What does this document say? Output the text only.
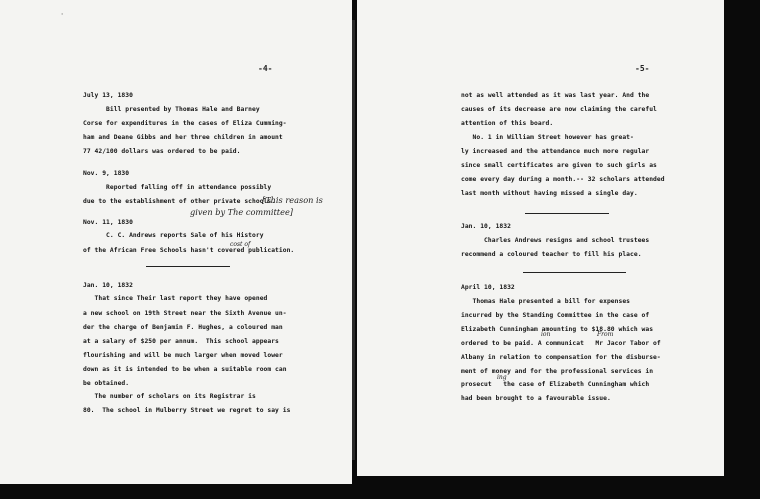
'
-4-
July 13, 1830
Bill presented by Thomas Hale and Barney
Corse for expenditures in the cases of Eliza Cumming-
ham and Deane Gibbs and her three children in amount
77 42/100 dollars was ordered to be paid.
Nov. 9, 1830
Reported falling off in attendance possibly
due to the establishment of other private schools.
[This reason is
given by The committee]
Nov. 11, 1830
C. C. Andrews reports Sale of his History
cost of
of the African Free Schools hasn't covered publication.
Jan. 10, 1832
That since Their last report they have opened
a new school on 19th Street near the Sixth Avenue un-
der the charge of Benjamin F. Hughes, a coloured man
at a salary of $250 per annum.  This school appears
flourishing and will be much larger when moved lower
down as it is intended to be when a suitable room can
be obtained.
The number of scholars on its Registrar is
80.  The school in Mulberry Street we regret to say is
-5-
not as well attended as it was last year. And the
causes of its decrease are now claiming the careful
attention of this board.
No. 1 in William Street however has great-
ly increased and the attendance much more regular
since small certificates are given to such girls as
come every day during a month.-- 32 scholars attended
last month without having missed a single day.
Jan. 10, 1832
Charles Andrews resigns and school trustees
recommend a coloured teacher to fill his place.
April 10, 1832
Thomas Hale presented a bill for expenses
incurred by the Standing Committee in the case of
Elizabeth Cunningham amounting to $18.80 which was
ion	From
ordered to be paid. A communicat   Mr Jacor Tabor of
Albany in relation to compensation for the disburse-
ment of money and for the professional services in
ing
prosecut   the case of Elizabeth Cunningham which
had been brought to a favourable issue.
